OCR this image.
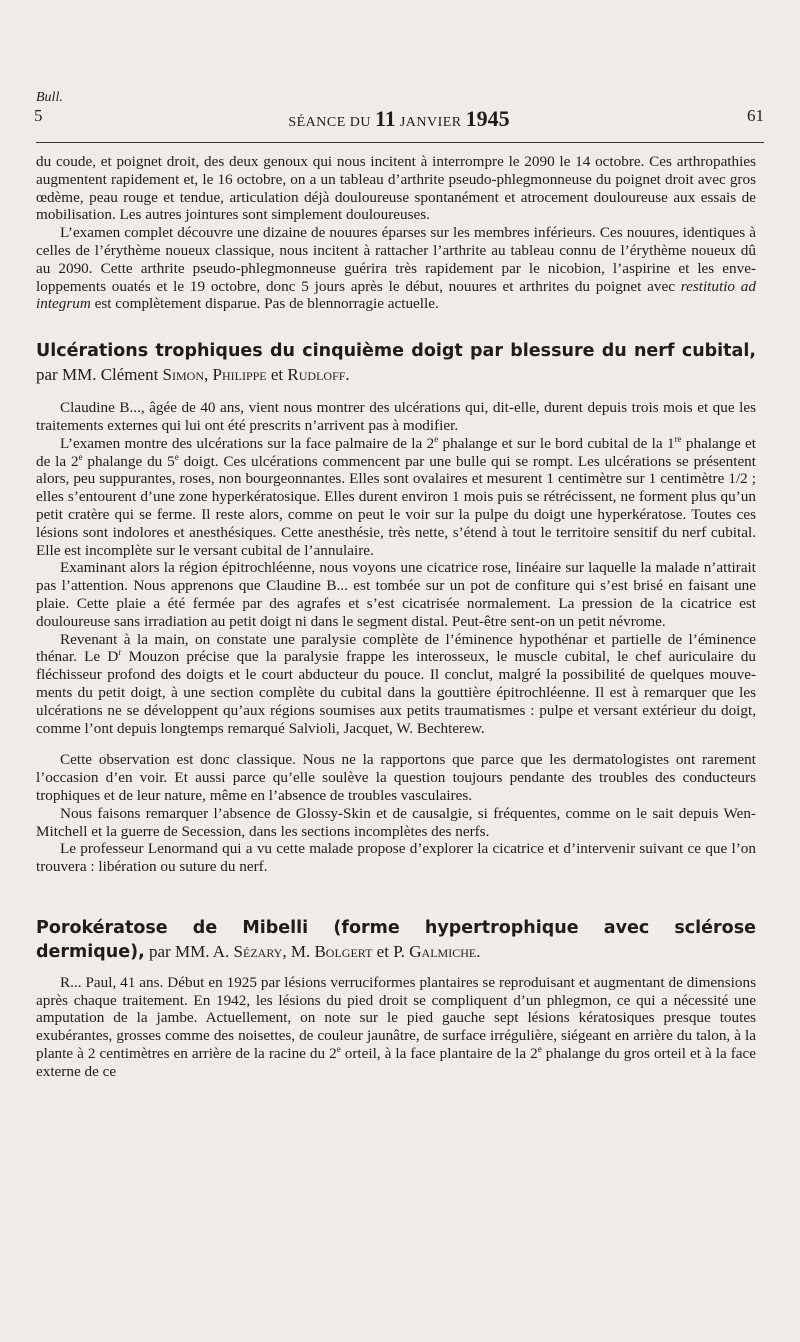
Bull.
5	SÉANCE DU 11 JANVIER 1945	61

du coude, et poignet droit, des deux genoux qui nous incitent à interrompre le 2090 le 14 octobre. Ces arthropathies augmentent rapidement et, le 16 octobre, on a un tableau d’arthrite pseudo-phlegmonneuse du poignet droit avec gros œdème, peau rouge et tendue, articulation déjà douloureuse spontanément et atrocement douloureuse aux essais de mobilisation. Les autres jointures sont simplement douloureuses.

L’examen complet découvre une dizaine de nouures éparses sur les membres inférieurs. Ces nouures, identiques à celles de l’érythème noueux classique, nous incitent à rattacher l’arthrite au tableau connu de l’érythème noueux dû au 2090. Cette arthrite pseudo-phlegmonneuse guérira très rapidement par le nicobion, l’aspirine et les enveloppements ouatés et le 19 octobre, donc 5 jours après le début, nouures et arthrites du poignet avec restitutio ad integrum est complètement disparue. Pas de blennorragie actuelle.

Ulcérations trophiques du cinquième doigt par blessure du nerf cubital, par MM. Clément Simon, Philippe et Rudloff.

Claudine B..., âgée de 40 ans, vient nous montrer des ulcérations qui, dit-elle, durent depuis trois mois et que les traitements externes qui lui ont été prescrits n’arrivent pas à modifier.

L’examen montre des ulcérations sur la face palmaire de la 2e phalange et sur le bord cubital de la 1re phalange et de la 2e phalange du 5e doigt. Ces ulcérations commencent par une bulle qui se rompt. Les ulcérations se présentent alors, peu suppurantes, roses, non bourgeonnantes. Elles sont ovalaires et mesurent 1 centimètre sur 1 centimètre 1/2 ; elles s’entourent d’une zone hyperkératosique. Elles durent environ 1 mois puis se rétrécissent, ne forment plus qu’un petit cratère qui se ferme. Il reste alors, comme on peut le voir sur la pulpe du doigt une hyperkératose. Toutes ces lésions sont indolores et anesthésiques. Cette anesthésie, très nette, s’étend à tout le territoire sensitif du nerf cubital. Elle est incomplète sur le versant cubital de l’annulaire.

Examinant alors la région épitrochléenne, nous voyons une cicatrice rose, linéaire sur laquelle la malade n’attirait pas l’attention. Nous apprenons que Claudine B... est tombée sur un pot de confiture qui s’est brisé en faisant une plaie. Cette plaie a été fermée par des agrafes et s’est cicatrisée normalement. La pression de la cicatrice est douloureuse sans irradiation au petit doigt ni dans le segment distal. Peut-être sent-on un petit névrome.

Revenant à la main, on constate une paralysie complète de l’éminence hypothénar et partielle de l’éminence thénar. Le $D^r$ Mouzon précise que la paralysie frappe les interosseux, le muscle cubital, le chef auriculaire du fléchisseur profond des doigts et le court abducteur du pouce. Il conclut, malgré la possibilité de quelques mouvements du petit doigt, à une section complète du cubital dans la gouttière épitrochléenne. Il est à remarquer que les ulcérations ne se développent qu’aux régions soumises aux petits traumatismes : pulpe et versant extérieur du doigt, comme l’ont depuis longtemps remarqué Salvioli, Jacquet, W. Bechterew.

Cette observation est donc classique. Nous ne la rapportons que parce que les dermatologistes ont rarement l’occasion d’en voir. Et aussi parce qu’elle soulève la question toujours pendante des troubles des conducteurs trophiques et de leur nature, même en l’absence de troubles vasculaires.

Nous faisons remarquer l’absence de Glossy-Skin et de causalgie, si fréquentes, comme on le sait depuis Wen-Mitchell et la guerre de Secession, dans les sections incomplètes des nerfs.

Le professeur Lenormand qui a vu cette malade propose d’explorer la cicatrice et d’intervenir suivant ce que l’on trouvera : libération ou suture du nerf.

Porokératose de Mibelli (forme hypertrophique avec sclérose dermique), par MM. A. Sézary, M. Bolgert et P. Galmiche.

R... Paul, 41 ans. Début en 1925 par lésions verruciformes plantaires se reproduisant et augmentant de dimensions après chaque traitement. En 1942, les lésions du pied droit se compliquent d’un phlegmon, ce qui a nécessité une amputation de la jambe. Actuellement, on note sur le pied gauche sept lésions kératosiques presque toutes exubérantes, grosses comme des noisettes, de couleur jaunâtre, de surface irrégulière, siégeant en arrière du talon, à la plante à 2 centimètres en arrière de la racine du 2e orteil, à la face plantaire de la 2e phalange du gros orteil et à la face externe de ce
